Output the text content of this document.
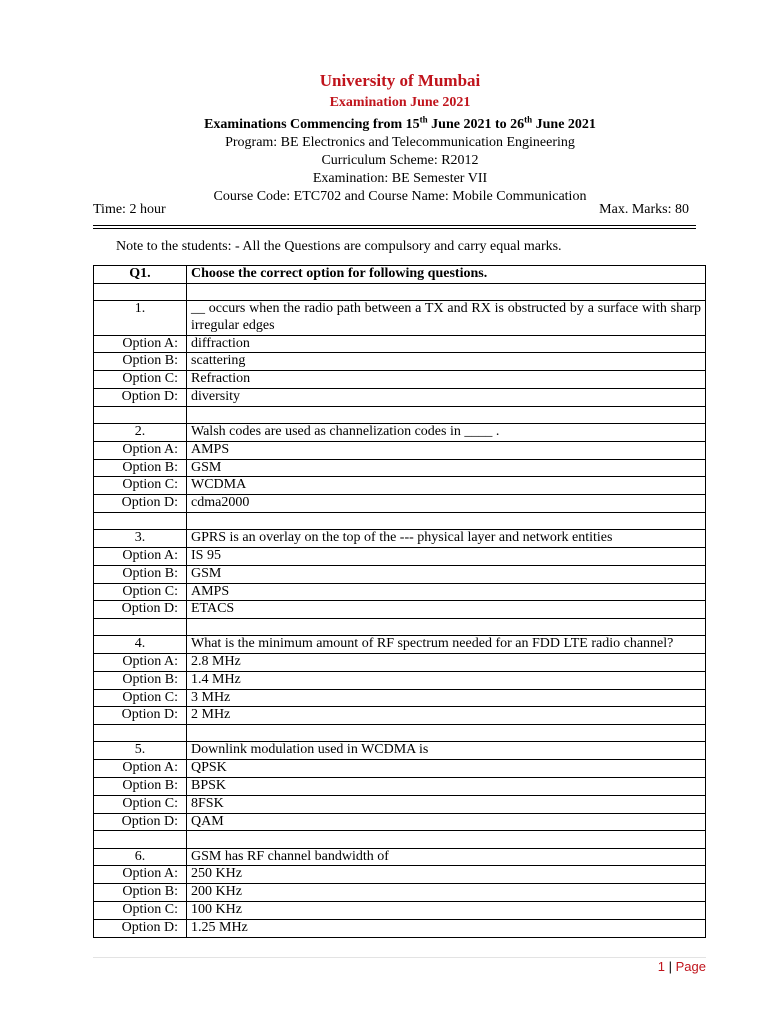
University of Mumbai
Examination June 2021
Examinations Commencing from 15th June 2021 to 26th June 2021
Program: BE Electronics and Telecommunication Engineering
Curriculum Scheme: R2012
Examination: BE Semester VII
Course Code: ETC702 and Course Name: Mobile Communication
Time: 2 hour	Max. Marks: 80
Note to the students: - All the Questions are compulsory and carry equal marks.
Q1.	Choose the correct option for following questions.

1.	__ occurs when the radio path between a TX and RX is obstructed by a surface with sharp irregular edges
Option A:	diffraction
Option B:	scattering
Option C:	Refraction
Option D:	diversity

2.	Walsh codes are used as channelization codes in ____ .
Option A:	AMPS
Option B:	GSM
Option C:	WCDMA
Option D:	cdma2000

3.	GPRS is an overlay on the top of the --- physical layer and network entities
Option A:	IS 95
Option B:	GSM
Option C:	AMPS
Option D:	ETACS

4.	What is the minimum amount of RF spectrum needed for an FDD LTE radio channel?
Option A:	2.8 MHz
Option B:	1.4 MHz
Option C:	3 MHz
Option D:	2 MHz

5.	Downlink modulation used in WCDMA is
Option A:	QPSK
Option B:	BPSK
Option C:	8FSK
Option D:	QAM

6.	GSM has RF channel bandwidth of
Option A:	250 KHz
Option B:	200 KHz
Option C:	100 KHz
Option D:	1.25 MHz
1 | Page
